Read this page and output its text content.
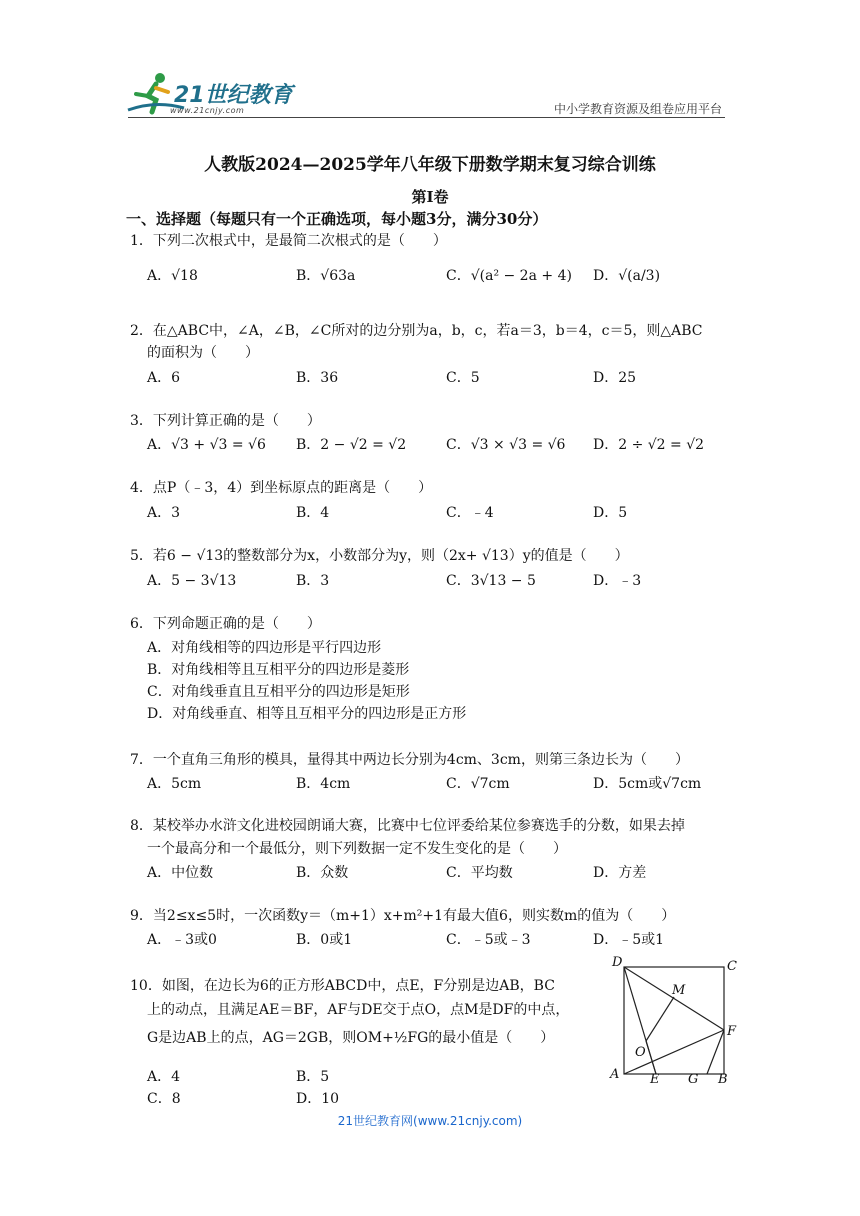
21世纪教育
www.21cnjy.com	中小学教育资源及组卷应用平台
人教版2024—2025学年八年级下册数学期末复习综合训练
第Ⅰ卷
一、选择题（每题只有一个正确选项，每小题3分，满分30分）
1．下列二次根式中，是最简二次根式的是（　　）
A．√18	B．√63a	C．√(a² − 2a + 4) D．√(a/3)
2．在△ABC中，∠A，∠B，∠C所对的边分别为a，b，c，若a＝3，b＝4，c＝5，则△ABC
的面积为（　　）
A．6	B．36	C．5	D．25
3．下列计算正确的是（　　）
A．√3 + √3 = √6 B．2 − √2 = √2	C．√3 × √3 = √6 D．2 ÷ √2 = √2
4．点P（﹣3，4）到坐标原点的距离是（　　）
A．3	B．4	C．﹣4	D．5
5．若6 − √13的整数部分为x，小数部分为y，则（2x+ √13）y的值是（　　）
A．5 − 3√13	B．3	C．3√13 − 5	D．﹣3
6．下列命题正确的是（　　）
A．对角线相等的四边形是平行四边形
B．对角线相等且互相平分的四边形是菱形
C．对角线垂直且互相平分的四边形是矩形
D．对角线垂直、相等且互相平分的四边形是正方形
7．一个直角三角形的模具，量得其中两边长分别为4cm、3cm，则第三条边长为（　　）
A．5cm	B．4cm	C．√7cm	D．5cm或√7cm
8．某校举办水浒文化进校园朗诵大赛，比赛中七位评委给某位参赛选手的分数，如果去掉
一个最高分和一个最低分，则下列数据一定不发生变化的是（　　）
A．中位数	B．众数	C．平均数	D．方差
9．当2≤x≤5时，一次函数y＝（m+1）x+m²+1有最大值6，则实数m的值为（　　）
A．﹣3或0	B．0或1	C．﹣5或﹣3	D．﹣5或1
10．如图，在边长为6的正方形ABCD中，点E，F分别是边AB，BC
上的动点，且满足AE＝BF，AF与DE交于点O，点M是DF的中点，
G是边AB上的点，AG＝2GB，则OM+½FG的最小值是（　　）
A．4	B．5
C．8	D．10
D	C
M
F
O
A E G B
21世纪教育网(www.21cnjy.com)
